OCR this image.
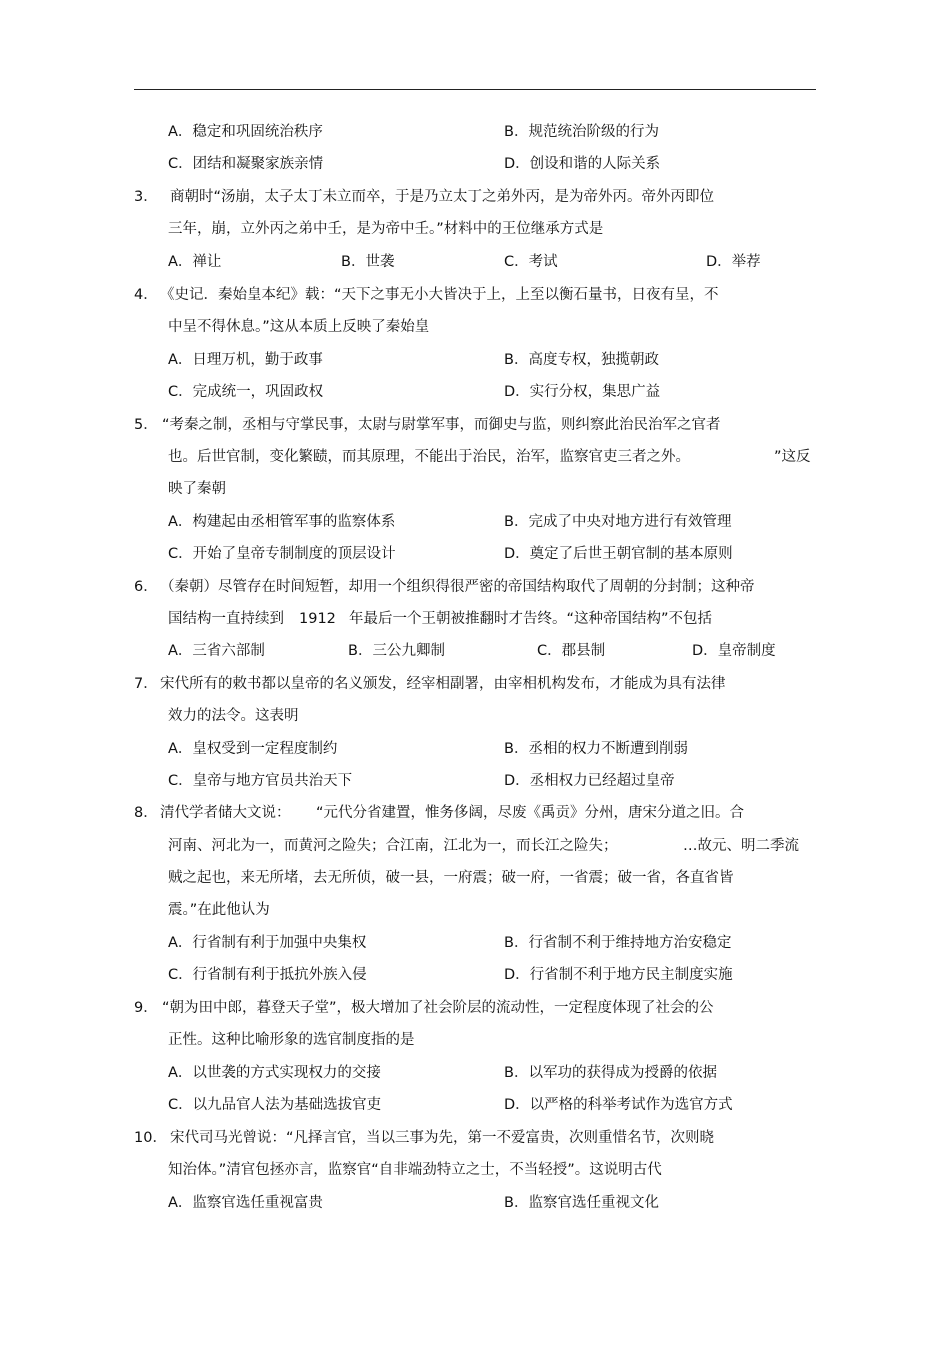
A．稳定和巩固统治秩序	B．规范统治阶级的行为
C．团结和凝聚家族亲情	D．创设和谐的人际关系
3． 商朝时“汤崩，太子太丁未立而卒，于是乃立太丁之弟外丙，是为帝外丙。帝外丙即位
三年，崩，立外丙之弟中壬，是为帝中壬。”材料中的王位继承方式是
A．禅让	B．世袭	C．考试	D．举荐
4． 《史记．秦始皇本纪》载：“天下之事无小大皆决于上，上至以衡石量书，日夜有呈，不
中呈不得休息。”这从本质上反映了秦始皇
A．日理万机，勤于政事	B．高度专权，独揽朝政
C．完成统一，巩固政权	D．实行分权，集思广益
5． “考秦之制，丞相与守掌民事，太尉与尉掌军事，而御史与监，则纠察此治民治军之官者
也。后世官制，变化繁赜，而其原理，不能出于治民，治军，监察官吏三者之外。	”这反
映了秦朝
A．构建起由丞相管军事的监察体系	B．完成了中央对地方进行有效管理
C．开始了皇帝专制制度的顶层设计	D．奠定了后世王朝官制的基本原则
6． （秦朝）尽管存在时间短暂，却用一个组织得很严密的帝国结构取代了周朝的分封制；这种帝
国结构一直持续到 1912 年最后一个王朝被推翻时才告终。“这种帝国结构”不包括
A．三省六部制	B．三公九卿制	C．郡县制	D．皇帝制度
7． 宋代所有的敕书都以皇帝的名义颁发，经宰相副署，由宰相机构发布，才能成为具有法律
效力的法令。这表明
A．皇权受到一定程度制约	B．丞相的权力不断遭到削弱
C．皇帝与地方官员共治天下	D．丞相权力已经超过皇帝
8． 清代学者储大文说： “元代分省建置，惟务侈阔，尽废《禹贡》分州，唐宋分道之旧。合
河南、河北为一，而黄河之险失；合江南，江北为一，而长江之险失；	…故元、明二季流
贼之起也，来无所堵，去无所侦，破一县，一府震；破一府，一省震；破一省，各直省皆
震。”在此他认为
A．行省制有利于加强中央集权	B．行省制不利于维持地方治安稳定
C．行省制有利于抵抗外族入侵	D．行省制不利于地方民主制度实施
9． “朝为田中郎，暮登天子堂”，极大增加了社会阶层的流动性，一定程度体现了社会的公
正性。这种比喻形象的选官制度指的是
A．以世袭的方式实现权力的交接	B．以军功的获得成为授爵的依据
C．以九品官人法为基础选拔官吏	D．以严格的科举考试作为选官方式
10． 宋代司马光曾说：“凡择言官，当以三事为先，第一不爱富贵，次则重惜名节，次则晓
知治体。”清官包拯亦言，监察官“自非端劲特立之士，不当轻授”。这说明古代
A．监察官选任重视富贵	B．监察官选任重视文化
